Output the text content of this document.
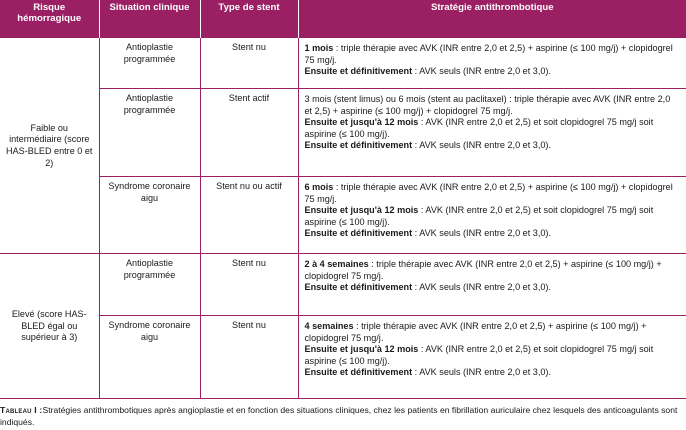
Risque hémorragique	Situation clinique	Type de stent	Stratégie antithrombotique
Faible ou intermédiaire (score HAS-BLED entre 0 et 2)	Antioplastie programmée	Stent nu	1 mois : triple thérapie avec AVK (INR entre 2,0 et 2,5) + aspirine (≤ 100 mg/j) + clopidogrel 75 mg/j.
Ensuite et définitivement : AVK seuls (INR entre 2,0 et 3,0).

	Antioplastie programmée	Stent actif	3 mois (stent limus) ou 6 mois (stent au paclitaxel) : triple thérapie avec AVK (INR entre 2,0 et 2,5) + aspirine (≤ 100 mg/j) + clopidogrel 75 mg/j.
Ensuite et jusqu'à 12 mois : AVK (INR entre 2,0 et 2,5) et soit clopidogrel 75 mg/j soit aspirine (≤ 100 mg/j).
Ensuite et définitivement : AVK seuls (INR entre 2,0 et 3,0).

	Syndrome coronaire aigu	Stent nu ou actif	6 mois : triple thérapie avec AVK (INR entre 2,0 et 2,5) + aspirine (≤ 100 mg/j) + clopidogrel 75 mg/j.
Ensuite et jusqu'à 12 mois : AVK (INR entre 2,0 et 2,5) et soit clopidogrel 75 mg/j soit aspirine (≤ 100 mg/j).
Ensuite et définitivement : AVK seuls (INR entre 2,0 et 3,0).

Elevé (score HAS-BLED égal ou supérieur à 3)	Antioplastie programmée	Stent nu	2 à 4 semaines : triple thérapie avec AVK (INR entre 2,0 et 2,5) + aspirine (≤ 100 mg/j) + clopidogrel 75 mg/j.
Ensuite et définitivement : AVK seuls (INR entre 2,0 et 3,0).

	Syndrome coronaire aigu	Stent nu	4 semaines : triple thérapie avec AVK (INR entre 2,0 et 2,5) + aspirine (≤ 100 mg/j) + clopidogrel 75 mg/j.
Ensuite et jusqu'à 12 mois : AVK (INR entre 2,0 et 2,5) et soit clopidogrel 75 mg/j soit aspirine (≤ 100 mg/j).
Ensuite et définitivement : AVK seuls (INR entre 2,0 et 3,0).
Tableau I :Stratégies antithrombotiques après angioplastie et en fonction des situations cliniques, chez les patients en fibrillation auriculaire chez lesquels des anticoagulants sont indiqués.
